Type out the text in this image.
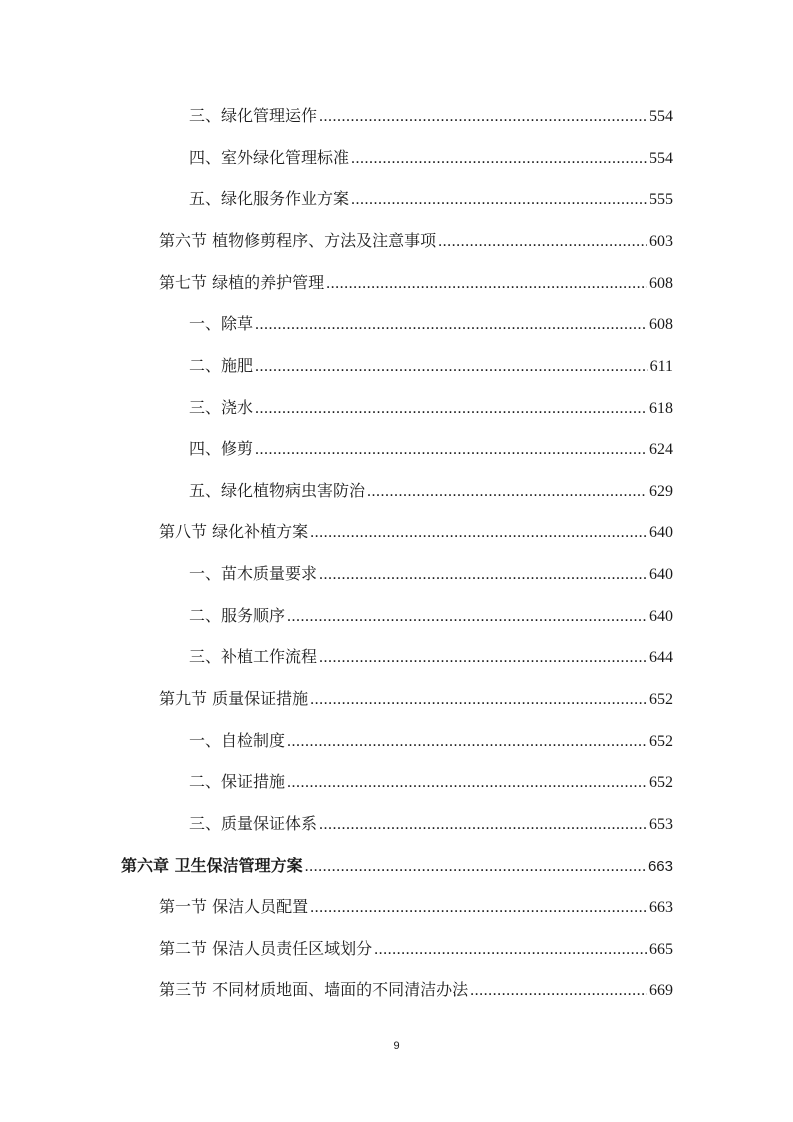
三、绿化管理运作 .....	554
四、室外绿化管理标准 .....	554
五、绿化服务作业方案 .....	555
第六节 植物修剪程序、方法及注意事项 .....	603
第七节 绿植的养护管理 .....	608
一、除草 .....	608
二、施肥 .....	611
三、浇水 .....	618
四、修剪 .....	624
五、绿化植物病虫害防治 .....	629
第八节 绿化补植方案 .....	640
一、苗木质量要求 .....	640
二、服务顺序 .....	640
三、补植工作流程 .....	644
第九节 质量保证措施 .....	652
一、自检制度 .....	652
二、保证措施 .....	652
三、质量保证体系 .....	653
第六章 卫生保洁管理方案 .....	663
第一节 保洁人员配置 .....	663
第二节 保洁人员责任区域划分 .....	665
第三节 不同材质地面、墙面的不同清洁办法 .....	669
9
